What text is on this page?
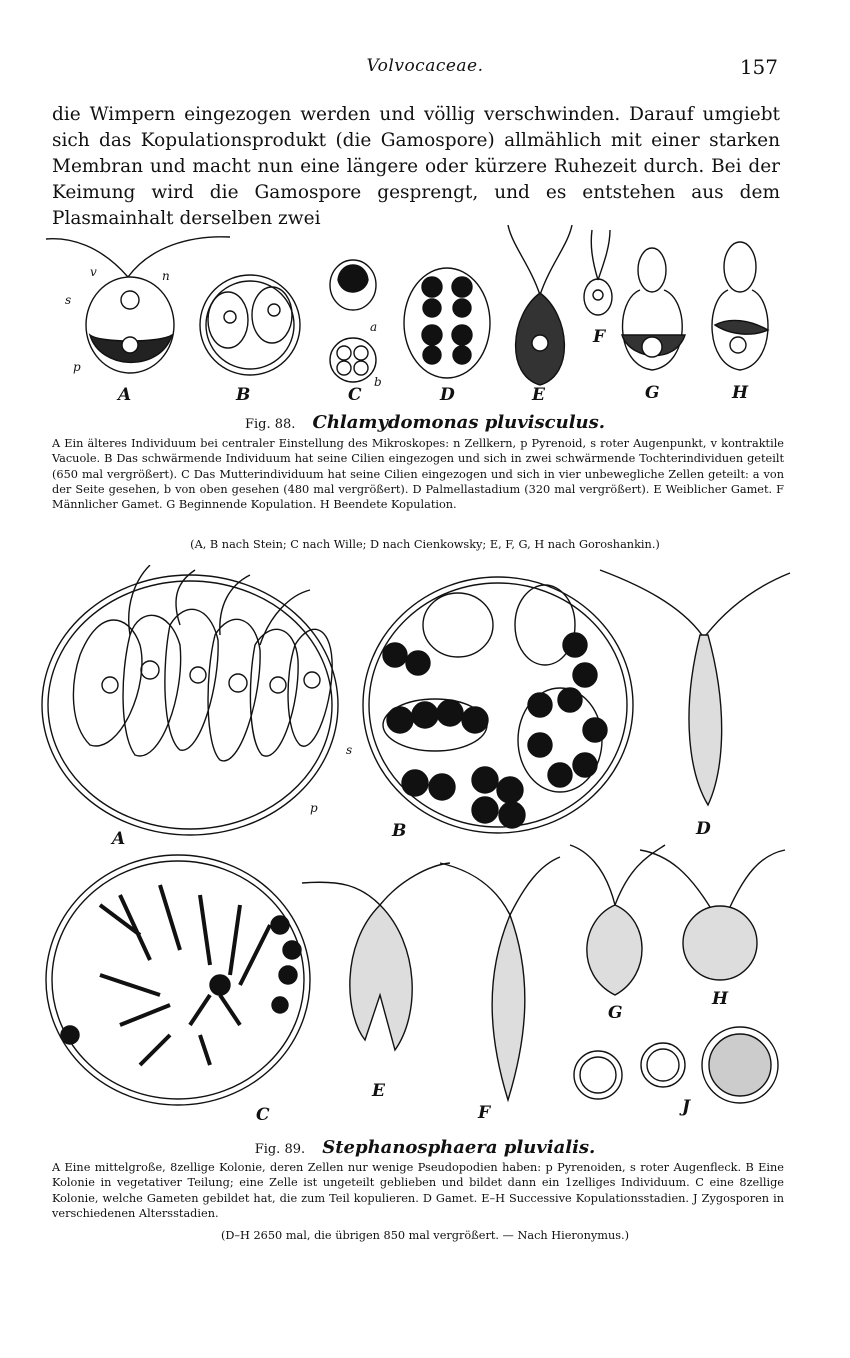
Volvocaceae.	157
die Wimpern eingezogen werden und völlig verschwinden. Darauf umgiebt sich das Kopulationsprodukt (die Gamospore) allmählich mit einer starken Membran und macht nun eine längere oder kürzere Ruhezeit durch. Bei der Keimung wird die Gamospore gesprengt, und es entstehen aus dem Plasmainhalt derselben zwei
A	B	C	D	E
F
G	H
v	n
s
p
a
b
Fig. 88. Chlamydomonas pluvisculus.
A Ein älteres Individuum bei centraler Einstellung des Mikroskopes: n Zellkern, p Pyrenoid, s roter Augenpunkt, v kontraktile Vacuole. B Das schwärmende Individuum hat seine Cilien eingezogen und sich in zwei schwärmende Tochterindividuen geteilt (650 mal vergrößert). C Das Mutterindividuum hat seine Cilien eingezogen und sich in vier unbewegliche Zellen geteilt: a von der Seite gesehen, b von oben gesehen (480 mal vergrößert). D Palmellastadium (320 mal vergrößert). E Weiblicher Gamet. F Männlicher Gamet. G Beginnende Kopulation. H Beendete Kopulation.
(A, B nach Stein; C nach Wille; D nach Cienkowsky; E, F, G, H nach Goroshankin.)
A	B
C
D
E
F
G
H
J
s
p
Fig. 89. Stephanosphaera pluvialis.
A Eine mittelgroße, 8zellige Kolonie, deren Zellen nur wenige Pseudopodien haben: p Pyrenoiden, s roter Augenfleck. B Eine Kolonie in vegetativer Teilung; eine Zelle ist ungeteilt geblieben und bildet dann ein 1zelliges Individuum. C eine 8zellige Kolonie, welche Gameten gebildet hat, die zum Teil kopulieren. D Gamet. E–H Successive Kopulationsstadien. J Zygosporen in verschiedenen Altersstadien.
(D–H 2650 mal, die übrigen 850 mal vergrößert. — Nach Hieronymus.)
